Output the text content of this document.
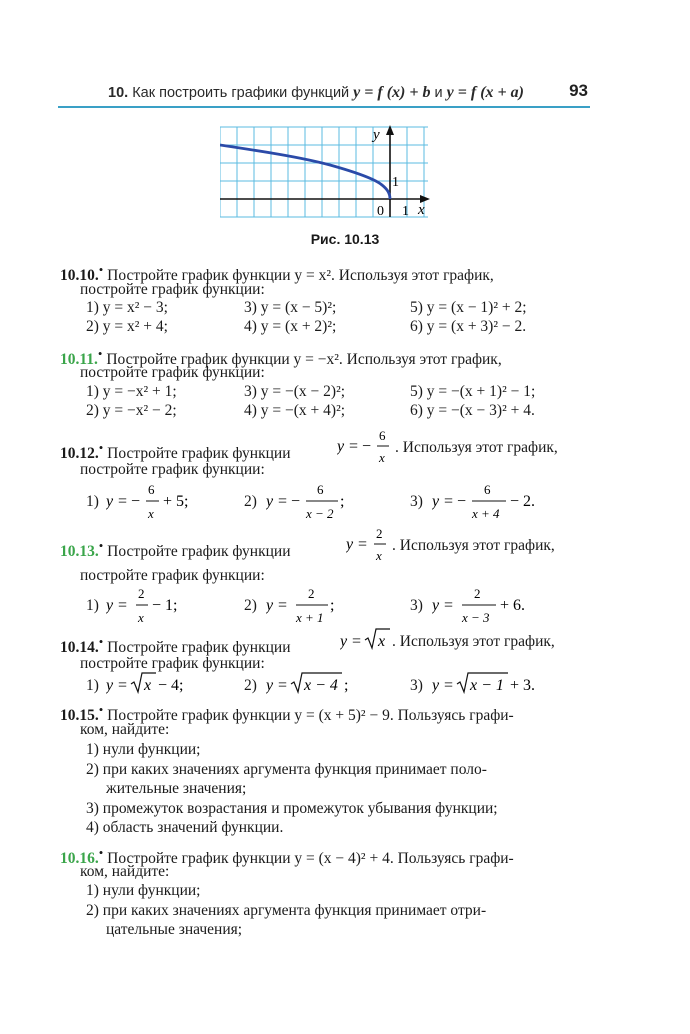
10. Как построить графики функций y = f (x) + b и y = f (x + a)	93
y
x
0 1
1
Рис. 10.13
10.10.• Постройте график функции y = x². Используя этот график,
постройте график функции:
1) y = x² − 3;	3) y = (x − 5)²;	5) y = (x − 1)² + 2;
2) y = x² + 4;	4) y = (x + 2)²;	6) y = (x + 3)² − 2.
10.11.• Постройте график функции y = −x². Используя этот график,
постройте график функции:
1) y = −x² + 1;	3) y = −(x − 2)²;	5) y = −(x + 1)² − 1;
2) y = −x² − 2;	4) y = −(x + 4)²;	6) y = −(x − 3)² + 4.
10.12.• Постройте график функции	y = −
6
x
. Используя этот график,
постройте график функции:
1) y = −
6
x
+ 5;	2) y = −
6
x − 2
;	3) y = −
6
x + 4
− 2.
10.13.• Постройте график функции	y =
2
x
. Используя этот график,
постройте график функции:
1) y =
2
x
− 1;	2) y =
2
x + 1
;	3) y =
2
x − 3
+ 6.
10.14.• Постройте график функции	y = x . Используя этот график,
постройте график функции:
1) y = x − 4;	2) y = x − 4 ;	3) y = x − 1 + 3.
10.15.• Постройте график функции y = (x + 5)² − 9. Пользуясь графи-
ком, найдите:
1) нули функции;
2) при каких значениях аргумента функция принимает поло-
жительные значения;
3) промежуток возрастания и промежуток убывания функции;
4) область значений функции.
10.16.• Постройте график функции y = (x − 4)² + 4. Пользуясь графи-
ком, найдите:
1) нули функции;
2) при каких значениях аргумента функция принимает отри-
цательные значения;
